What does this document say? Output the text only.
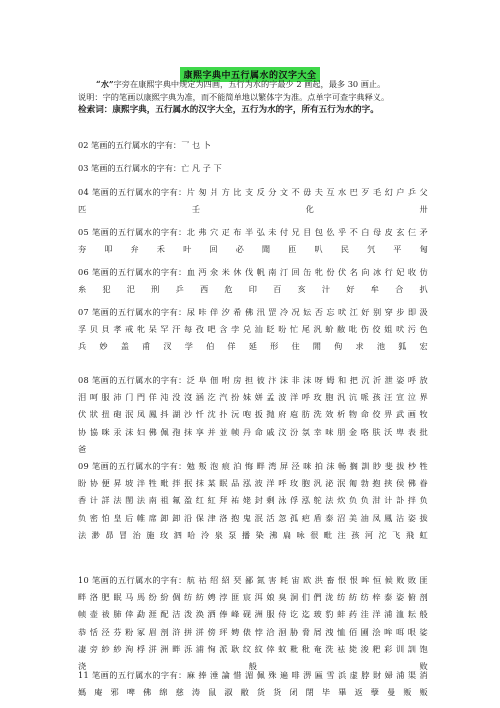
康熙字典中五行属水的汉字大全
“水”字旁在康熙字典中规定为四画，五行为水的字最少 2 画起，最多 30 画止。
说明：字的笔画以康熙字典为准，而不能简单地以繁体字为准。点单字可查字典释义。
检索词：康熙字典，五行属水的汉字大全，五行为水的字，所有五行为水的字。
02 笔画的五行属水的字有：乛 乜 卜
03 笔画的五行属水的字有：亡 凡 子 下
04 笔画的五行属水的字有：片 匆 爿 方 比 支 反 分 文 不 毋 夫 互 水 巴 歹 毛 幻 户 乒 父 匹 壬 化 卅
05 笔画的五行属水的字有：北 弗 穴 疋 布 半 弘 未 付 兄 目 包 仫 乎 不 白 母 皮 玄 仨 矛 夯 叩 弁 禾 叶 回 必 聞 匝 叭 民 氕 平 匈
06 笔画的五行属水的字有：血 沔 氽 米 休 伐 帆 南 汀 回 缶 牝 份 伏 名 向 冰 行 妃 收 仿 糸 犯 汜 刑 乒 西 危 印 百 亥 汁 好 牟 合 扒
07 笔画的五行属水的字有：尿 咔 伴 汐 希 佛 汛 罡 冷 况 妘 否 忘 吠 江 好 别 穿 步 即 汲 孚 贝 貝 孝 戒 牝 呆 罕 汗 每 孜 吧 含 孛 兑 汕 眨 吩 忙 尾 汎 蚧 敝 吡 伤 佼 姐 吠 污 色 兵 妙 盖 甫 汊 学 伯 佯 延 形 住 閒 佝 求 池 狐 宏
08 笔画的五行属水的字有：泛 阜 佃 咐 房 担 彼 汴 沫 非 沫 呀 姆 和 把 沉 沂 泄 姿 呼 放 泪 呵 服 沛 门 門 佯 沌 没 沒 涵 汔 汽 扮 妹 姘 孟 波 洋 呼 玫 胞 汎 沆 哌 孩 汪 宣 泣 界 伏 狀 扭 砲 泯 凤 鳳 抖 湖 沙 忏 沈 扑 沅 咆 扳 抛 府 庖 肪 洗 效 析 物 命 佼 畀 武 画 牧 协 協 咪 汞 沫 妇 佛 佩 孢 抹 享 并 並 帧 丹 命 戚 汶 汾 氛 幸 味 朋 金 咯 肤 沃 卑 表 批 爸
09 笔画的五行属水的字有：勉 叛 泡 痕 泊 悔 畔 湾 屏 泾 咪 拍 沫 畅 搁 訓 眇 斐 拔 杪 牲 盼 协 便 昇 坡 泮 牲 毗 拌 抿 抹 某 眠 品 泓 波 洋 呼 玫 胞 汎 泌 泯 匍 勃 抱 挟 侯 佛 眷 香 计 詳 法 閨 法 南 祖 氟 盈 红 紅 拜 祐 姥 封 剩 泳 俘 泓 鸵 法 炊 负 负 泔 计 訃 拌 负 负 密 怕 皇 后 帷 席 卸 卸 沿 保 津 洛 抱 鬼 泯 活 忽 孤 疤 盾 泰 沼 美 油 凤 鳳 沾 姿 拔 法 渺 昴 冒 治 施 玫 泗 哈 泠 泉 泵 播 染 沸 扁 咏 很 毗 注 孩 河 沱 飞 飛 虹
10 笔画的五行属水的字有：航 祜 绍 紹 珡 鄙 氮 害 耗 宙 欧 洪 畜 恨 恨 哞 恒 候 败 敗 匪 畔 洛 肥 眠 马 馬 纷 紛 倜 纺 紡 娉 浡 匪 宸 洱 娘 臭 洞 们 們 泷 纺 紡 纺 梓 泰 姿 俯 剖 帧 壶 祓 肺 倖 勐 涯 配 洁 泼 涣 洒 俸 峰 砚 洲 服 侍 讫 迄 玻 豹 蚌 药 洼 洋 浦 洫 耘 般 恭 恬 泾 芬 粉 冢 眉 剖 浒 拼 洴 傍 玶 娉 俵 悖 洽 洄 胁 脅 屑 洩 恤 佰 圃 浍 哞 咡 哏 娑 凄 旁 紗 紗 洵 桴 洴 洲 畔 泺 浦 恂 派 耿 纹 紋 倖 蚊 粃 秕 奄 洗 袪 毙 浚 粑 彩 训 訓 饱 浇 般 败
11 笔画的五行属水的字有：麻 捧 涶 論 惜 湄 佩 殊 遍 啡 淠 匾 雪 浜 虚 脖 財 婦 浦 渠 消 媽 庵 邪 啤 佛 绵 慈 涛 鼠 淑 敝 货 货 闭 閉 毕 畢 返 孽 曼 贩 贩
